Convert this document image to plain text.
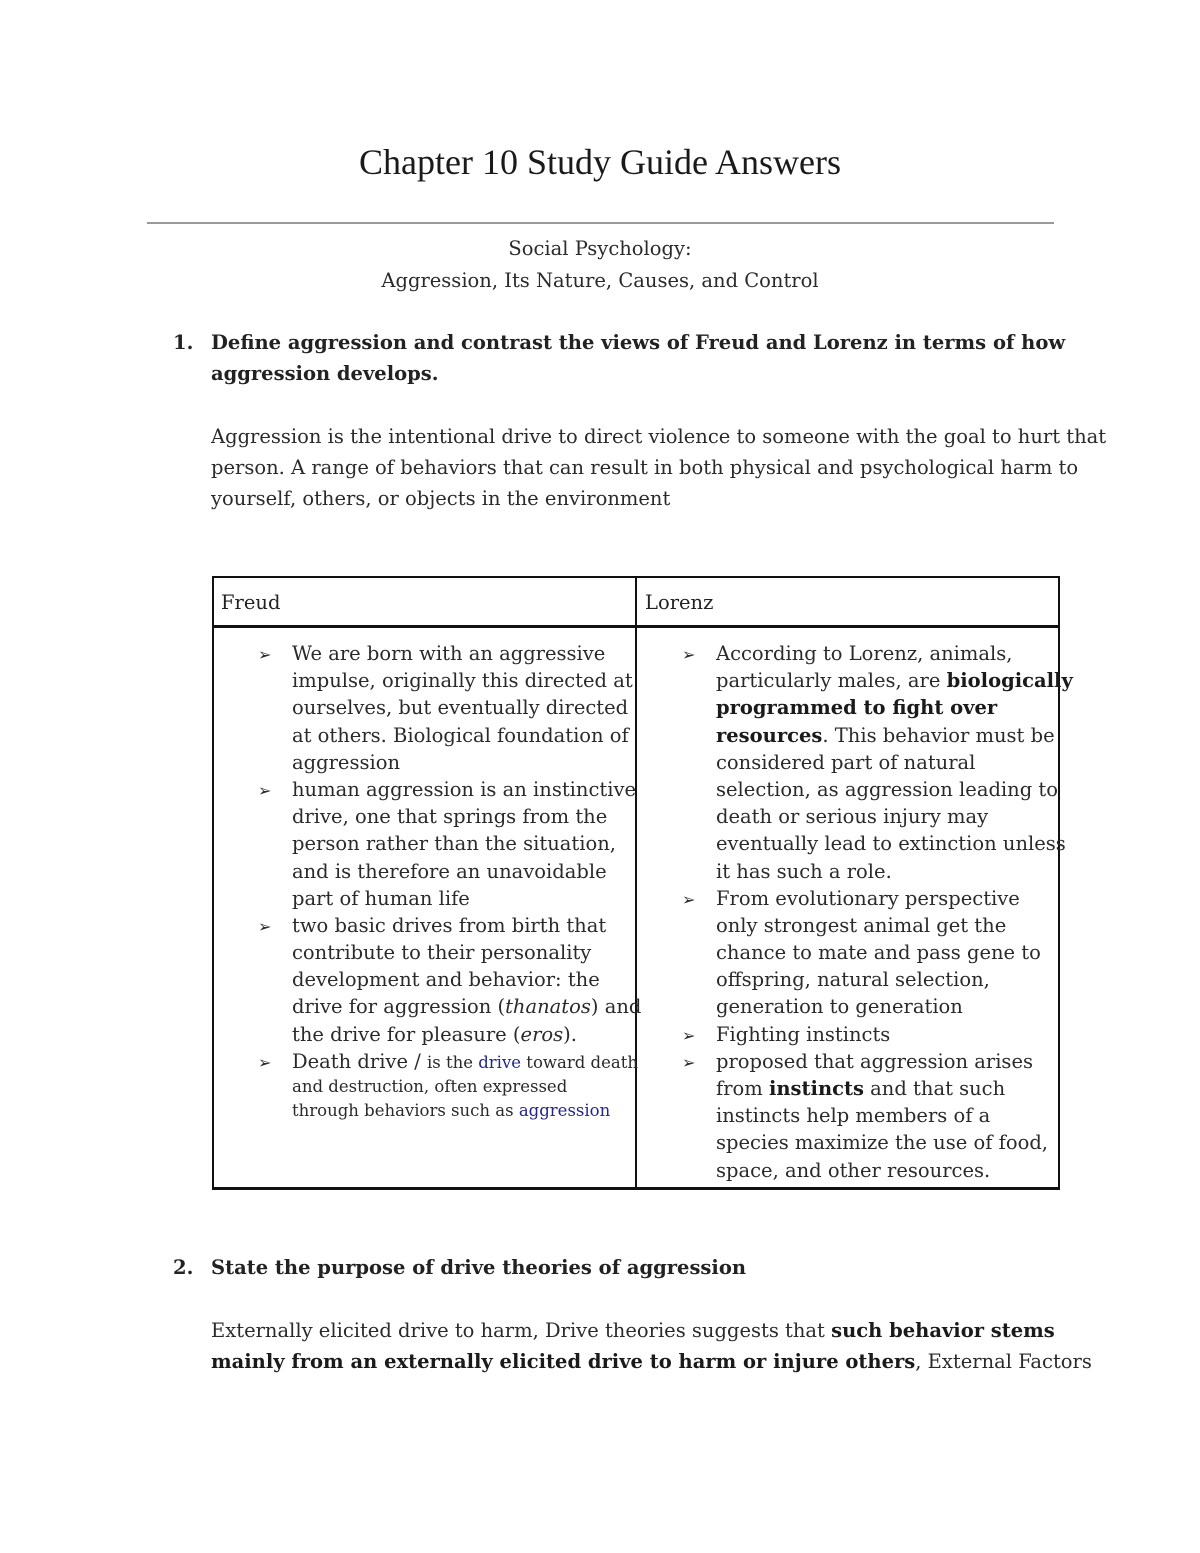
Chapter 10 Study Guide Answers
Social Psychology:
Aggression, Its Nature, Causes, and Control
1. Define aggression and contrast the views of Freud and Lorenz in terms of how
aggression develops.
Aggression is the intentional drive to direct violence to someone with the goal to hurt that
person. A range of behaviors that can result in both physical and psychological harm to
yourself, others, or objects in the environment
Freud	Lorenz
➢ We are born with an aggressive
impulse, originally this directed at
ourselves, but eventually directed
at others. Biological foundation of
aggression
➢ human aggression is an instinctive
drive, one that springs from the
person rather than the situation,
and is therefore an unavoidable
part of human life
➢ two basic drives from birth that
contribute to their personality
development and behavior: the
drive for aggression (thanatos) and
the drive for pleasure (eros).
➢ Death drive / is the drive toward death
and destruction, often expressed
through behaviors such as aggression
➢ According to Lorenz, animals,
particularly males, are biologically
programmed to fight over
resources. This behavior must be
considered part of natural
selection, as aggression leading to
death or serious injury may
eventually lead to extinction unless
it has such a role.
➢ From evolutionary perspective
only strongest animal get the
chance to mate and pass gene to
offspring, natural selection,
generation to generation
➢ Fighting instincts
➢ proposed that aggression arises
from instincts and that such
instincts help members of a
species maximize the use of food,
space, and other resources.
2. State the purpose of drive theories of aggression
Externally elicited drive to harm, Drive theories suggests that such behavior stems
mainly from an externally elicited drive to harm or injure others, External Factors
